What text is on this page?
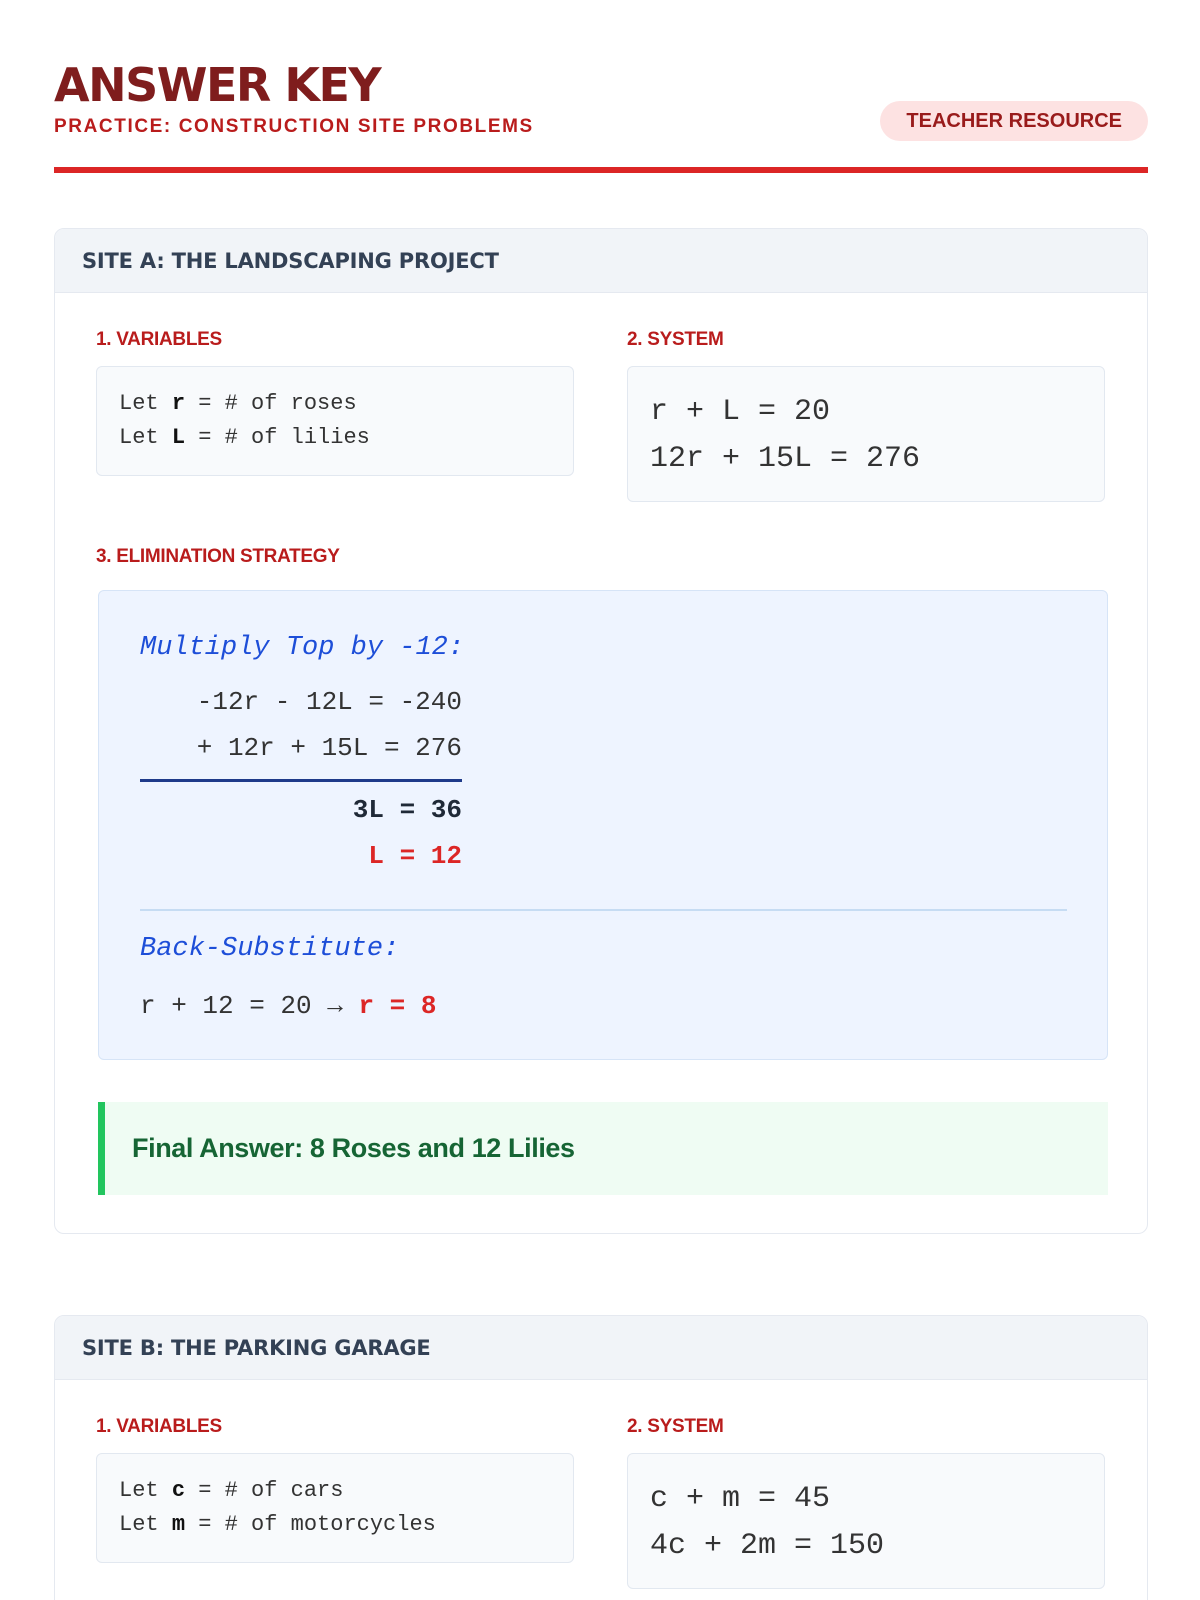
ANSWER KEY
PRACTICE: CONSTRUCTION SITE PROBLEMS	TEACHER RESOURCE
SITE A: THE LANDSCAPING PROJECT
1. VARIABLES
Let r = # of roses
Let L = # of lilies
2. SYSTEM
r + L = 20
12r + 15L = 276
3. ELIMINATION STRATEGY
Multiply Top by -12:
-12r - 12L = -240
+ 12r + 15L = 276
3L = 36
L = 12
Back-Substitute:
r + 12 = 20 → r = 8
Final Answer: 8 Roses and 12 Lilies
SITE B: THE PARKING GARAGE
1. VARIABLES
Let c = # of cars
Let m = # of motorcycles
2. SYSTEM
c + m = 45
4c + 2m = 150
